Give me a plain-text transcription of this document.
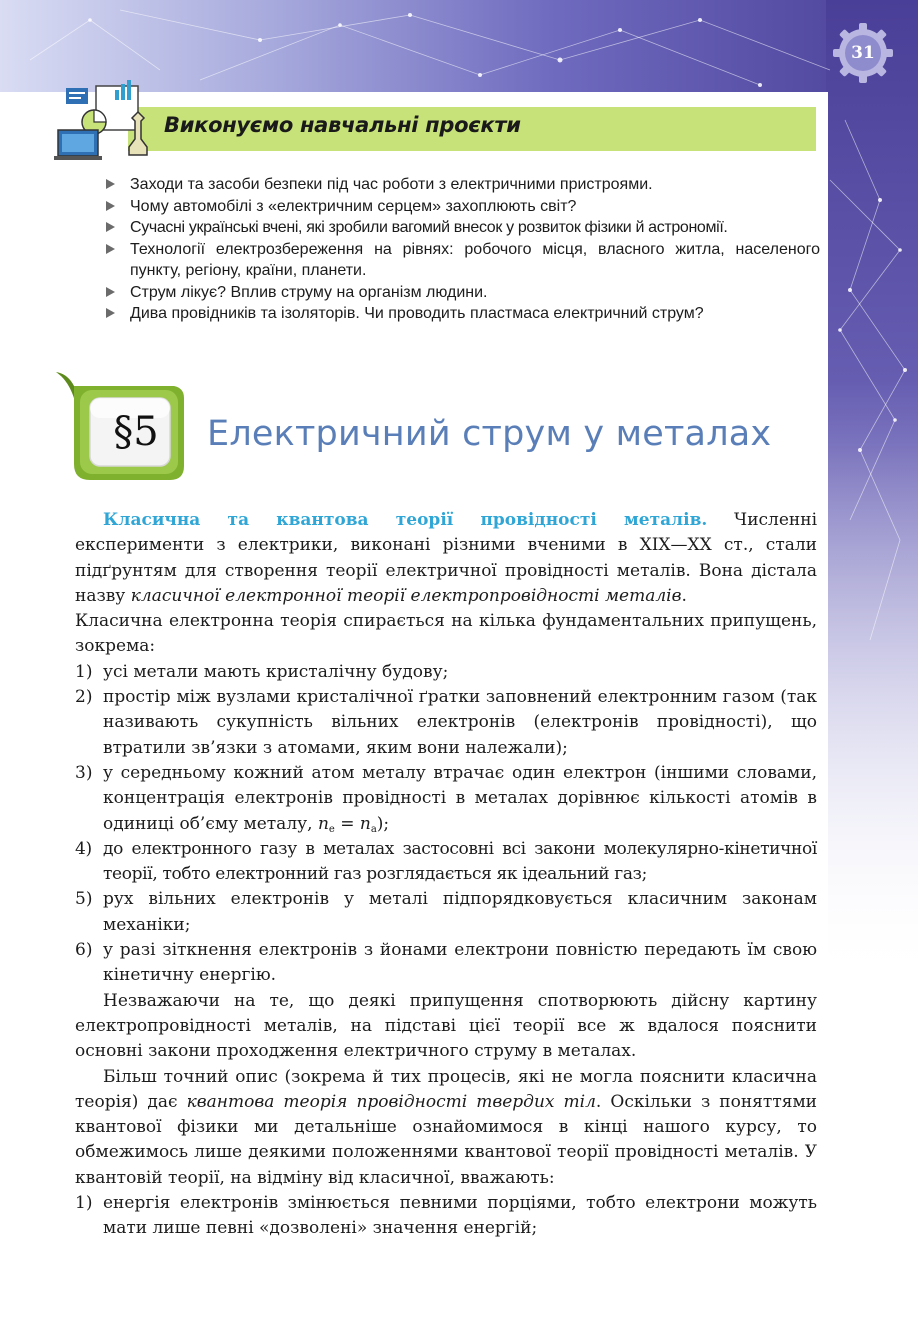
31
Виконуємо навчальні проєкти
Заходи та засоби безпеки під час роботи з електричними пристроями.
Чому автомобілі з «електричним серцем» захоплюють світ?
Сучасні українські вчені, які зробили вагомий внесок у розвиток фізики й астрономії.
Технології електрозбереження на рівнях: робочого місця, власного житла, населеного пункту, регіону, країни, планети.
Струм лікує? Вплив струму на організм людини.
Дива провідників та ізоляторів. Чи проводить пластмаса електричний струм?
§5	Електричний струм у металах

Класична та квантова теорії провідності металів. Численні експерименти з електрики, виконані різними вченими в XIX—XX ст., стали підґрунтям для створення теорії електричної провідності металів. Вона дістала назву класичної електронної теорії електропровідності металів.

Класична електронна теорія спирається на кілька фундаментальних припущень, зокрема:

1) усі метали мають кристалічну будову;
2) простір між вузлами кристалічної ґратки заповнений електронним газом (так називають сукупність вільних електронів (електронів провідності), що втратили зв’язки з атомами, яким вони належали);
3) у середньому кожний атом металу втрачає один електрон (іншими словами, концентрація електронів провідності в металах дорівнює кількості атомів в одиниці об’єму металу, $n_e = n_a$);
4) до електронного газу в металах застосовні всі закони молекулярно-кінетичної теорії, тобто електронний газ розглядається як ідеальний газ;
5) рух вільних електронів у металі підпорядковується класичним законам механіки;
6) у разі зіткнення електронів з йонами електрони повністю передають їм свою кінетичну енергію.

Незважаючи на те, що деякі припущення спотворюють дійсну картину електропровідності металів, на підставі цієї теорії все ж вдалося пояснити основні закони проходження електричного струму в металах.

Більш точний опис (зокрема й тих процесів, які не могла пояснити класична теорія) дає квантова теорія провідності твердих тіл. Оскільки з поняттями квантової фізики ми детальніше ознайомимося в кінці нашого курсу, то обмежимось лише деякими положеннями квантової теорії провідності металів. У квантовій теорії, на відміну від класичної, вважають:

1) енергія електронів змінюється певними порціями, тобто електрони можуть мати лише певні «дозволені» значення енергій;
